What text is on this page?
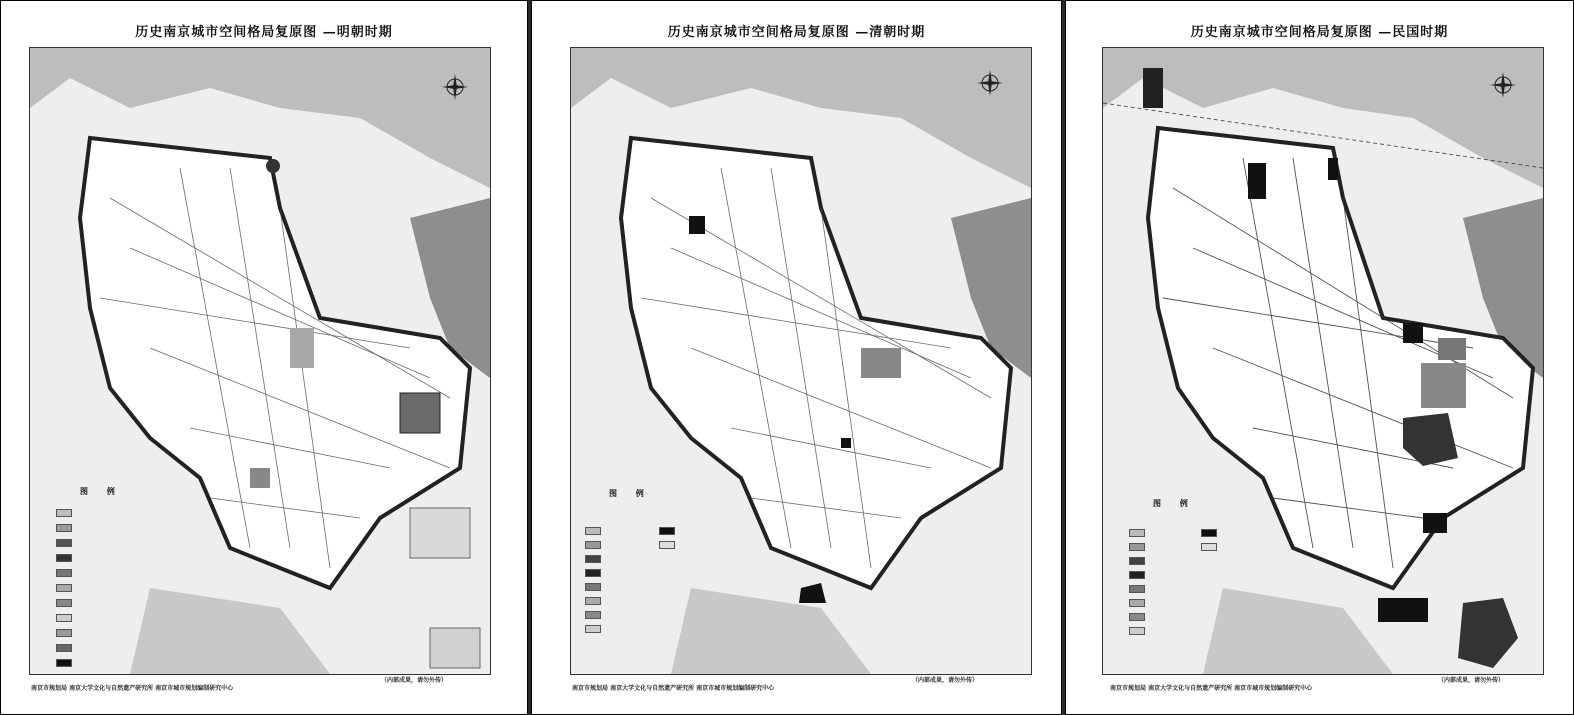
历史南京城市空间格局复原图 —明朝时期
图 例
（内部成果，请勿外传）
南京市规划局 南京大学文化与自然遗产研究所 南京市城市规划编制研究中心
历史南京城市空间格局复原图 —清朝时期
图 例
（内部成果，请勿外传）
南京市规划局 南京大学文化与自然遗产研究所 南京市城市规划编制研究中心
历史南京城市空间格局复原图 —民国时期
图 例
（内部成果，请勿外传）
南京市规划局 南京大学文化与自然遗产研究所 南京市城市规划编制研究中心
